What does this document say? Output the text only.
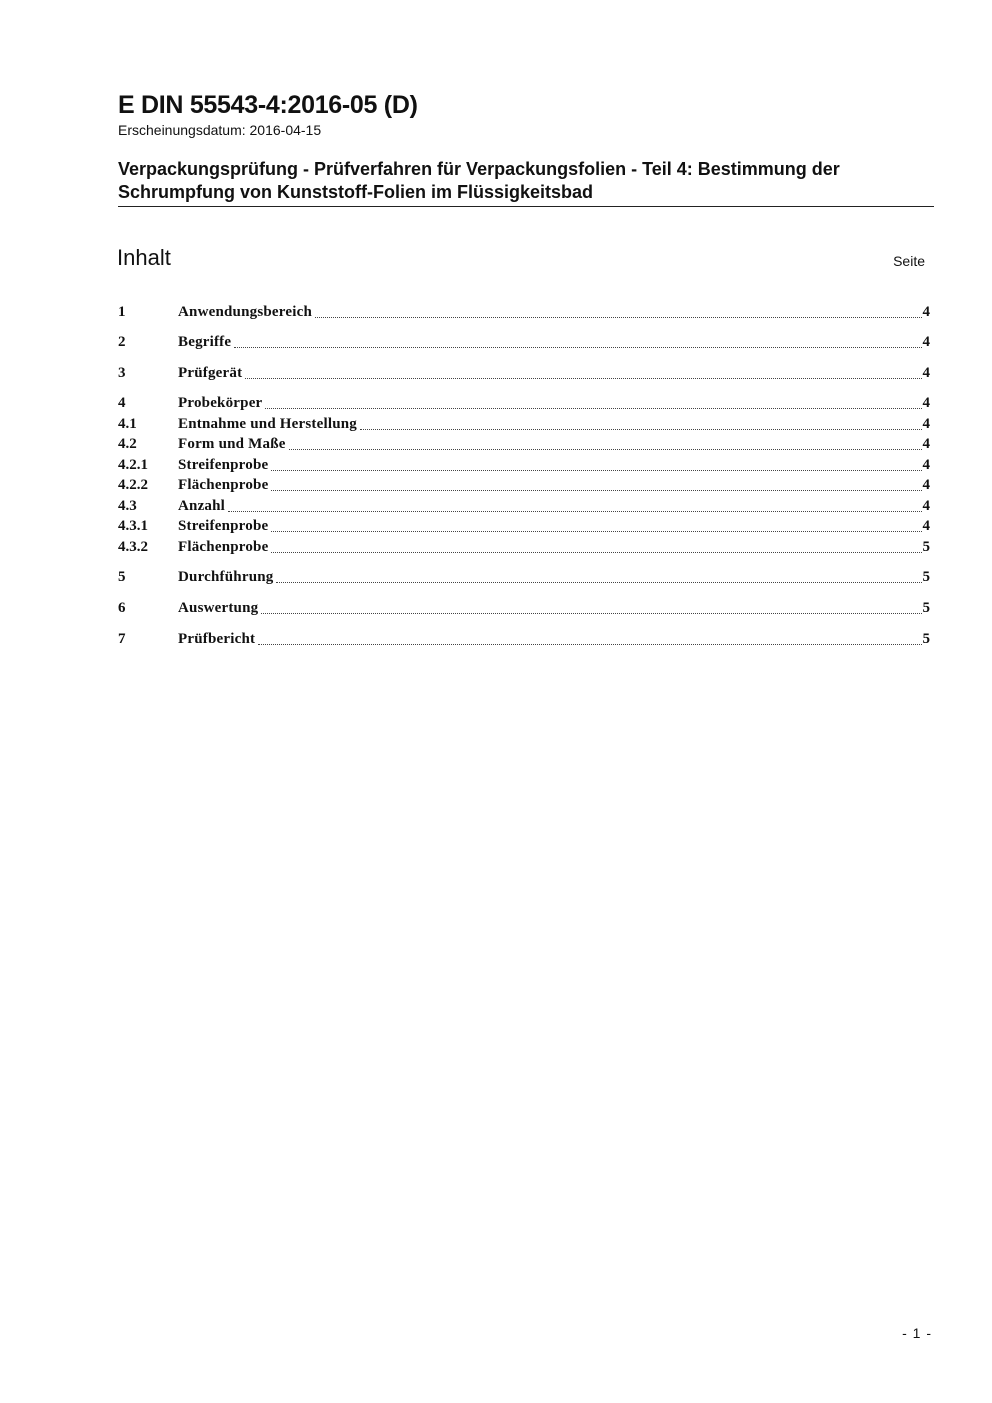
E DIN 55543-4:2016-05 (D)
Erscheinungsdatum: 2016-04-15
Verpackungsprüfung - Prüfverfahren für Verpackungsfolien - Teil 4: Bestimmung der
Schrumpfung von Kunststoff-Folien im Flüssigkeitsbad
Inhalt	Seite
1	Anwendungsbereich	4
2	Begriffe	4
3	Prüfgerät	4
4	Probekörper	4
4.1	Entnahme und Herstellung	4
4.2	Form und Maße	4
4.2.1	Streifenprobe	4
4.2.2	Flächenprobe	4
4.3	Anzahl	4
4.3.1	Streifenprobe	4
4.3.2	Flächenprobe	5
5	Durchführung	5
6	Auswertung	5
7	Prüfbericht	5
- 1 -
